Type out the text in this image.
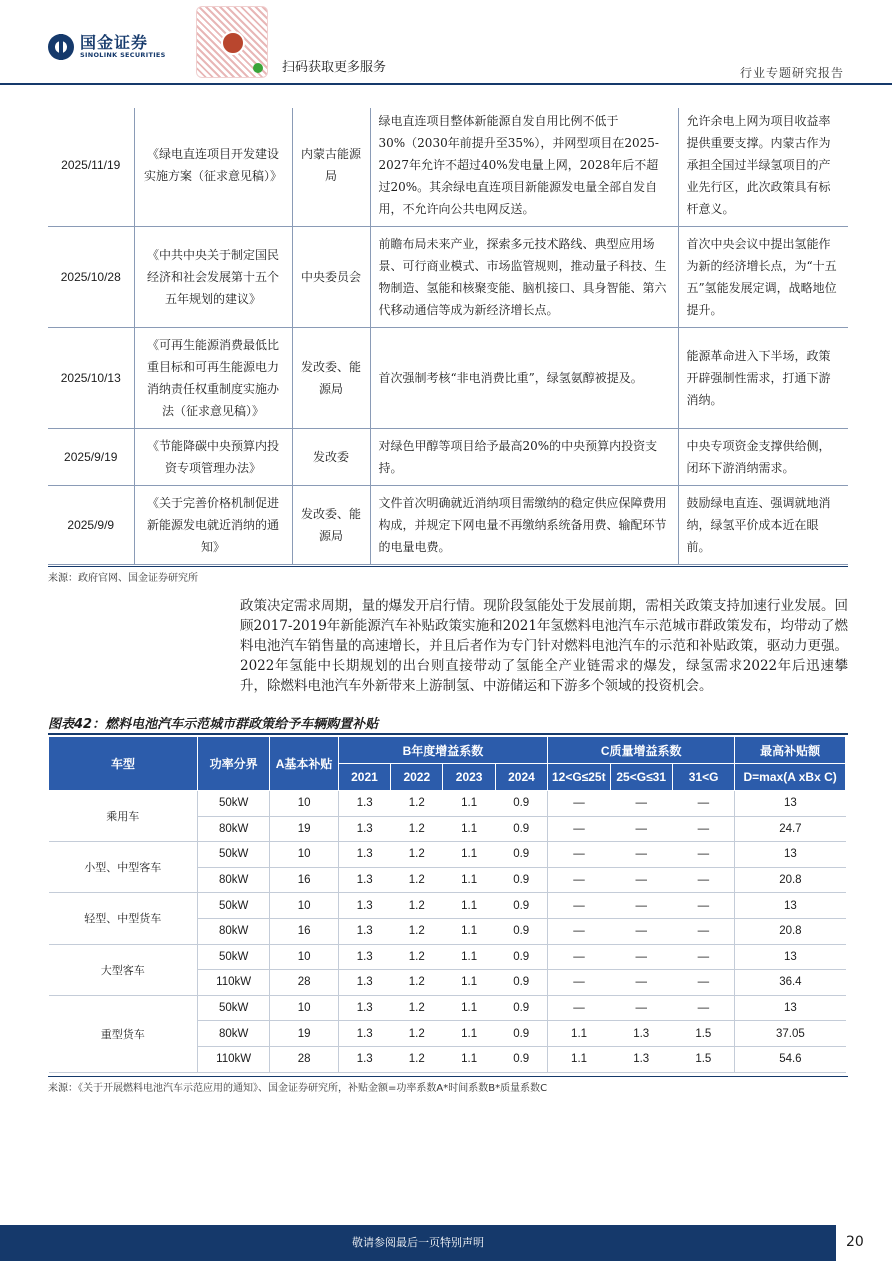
国金证券
SINOLINK SECURITIES
扫码获取更多服务	行业专题研究报告
2025/11/19	《绿电直连项目开发建设实施方案（征求意见稿）》	内蒙古能源局	绿电直连项目整体新能源自发自用比例不低于30%（2030年前提升至35%），并网型项目在2025-2027年允许不超过40%发电量上网，2028年后不超过20%。其余绿电直连项目新能源发电量全部自发自用，不允许向公共电网反送。	允许余电上网为项目收益率提供重要支撑。内蒙古作为承担全国过半绿氢项目的产业先行区，此次政策具有标杆意义。
2025/10/28	《中共中央关于制定国民经济和社会发展第十五个五年规划的建议》	中央委员会	前瞻布局未来产业，探索多元技术路线、典型应用场景、可行商业模式、市场监管规则，推动量子科技、生物制造、氢能和核聚变能、脑机接口、具身智能、第六代移动通信等成为新经济增长点。	首次中央会议中提出氢能作为新的经济增长点，为“十五五”氢能发展定调，战略地位提升。
2025/10/13	《可再生能源消费最低比重目标和可再生能源电力消纳责任权重制度实施办法（征求意见稿）》	发改委、能源局	首次强制考核“非电消费比重”，绿氢氨醇被提及。	能源革命进入下半场，政策开辟强制性需求，打通下游消纳。
2025/9/19	《节能降碳中央预算内投资专项管理办法》	发改委	对绿色甲醇等项目给予最高20%的中央预算内投资支持。	中央专项资金支撑供给侧，闭环下游消纳需求。
2025/9/9	《关于完善价格机制促进新能源发电就近消纳的通知》	发改委、能源局	文件首次明确就近消纳项目需缴纳的稳定供应保障费用构成，并规定下网电量不再缴纳系统备用费、输配环节的电量电费。	鼓励绿电直连、强调就地消纳，绿氢平价成本近在眼前。
来源：政府官网、国金证券研究所
政策决定需求周期，量的爆发开启行情。现阶段氢能处于发展前期，需相关政策支持加速行业发展。回顾2017-2019年新能源汽车补贴政策实施和2021年氢燃料电池汽车示范城市群政策发布，均带动了燃料电池汽车销售量的高速增长，并且后者作为专门针对燃料电池汽车的示范和补贴政策，驱动力更强。2022年氢能中长期规划的出台则直接带动了氢能全产业链需求的爆发，绿氢需求2022年后迅速攀升，除燃料电池汽车外新带来上游制氢、中游储运和下游多个领域的投资机会。
图表42：燃料电池汽车示范城市群政策给予车辆购置补贴
车型	功率分界	A基本补贴	B年度增益系数				C质量增益系数			最高补贴额
			2021	2022	2023	2024	12<G≤25t	25<G≤31	31<G	D=max(A xBx C)
乘用车	50kW	10	1.3	1.2	1.1	0.9	—	—	—	13
	80kW	19	1.3	1.2	1.1	0.9	—	—	—	24.7
小型、中型客车	50kW	10	1.3	1.2	1.1	0.9	—	—	—	13
	80kW	16	1.3	1.2	1.1	0.9	—	—	—	20.8
轻型、中型货车	50kW	10	1.3	1.2	1.1	0.9	—	—	—	13
	80kW	16	1.3	1.2	1.1	0.9	—	—	—	20.8
大型客车	50kW	10	1.3	1.2	1.1	0.9	—	—	—	13
	110kW	28	1.3	1.2	1.1	0.9	—	—	—	36.4
重型货车	50kW	10	1.3	1.2	1.1	0.9	—	—	—	13
	80kW	19	1.3	1.2	1.1	0.9	1.1	1.3	1.5	37.05
	110kW	28	1.3	1.2	1.1	0.9	1.1	1.3	1.5	54.6
来源：《关于开展燃料电池汽车示范应用的通知》、国金证券研究所，补贴金额=功率系数A*时间系数B*质量系数C
敬请参阅最后一页特别声明	20
